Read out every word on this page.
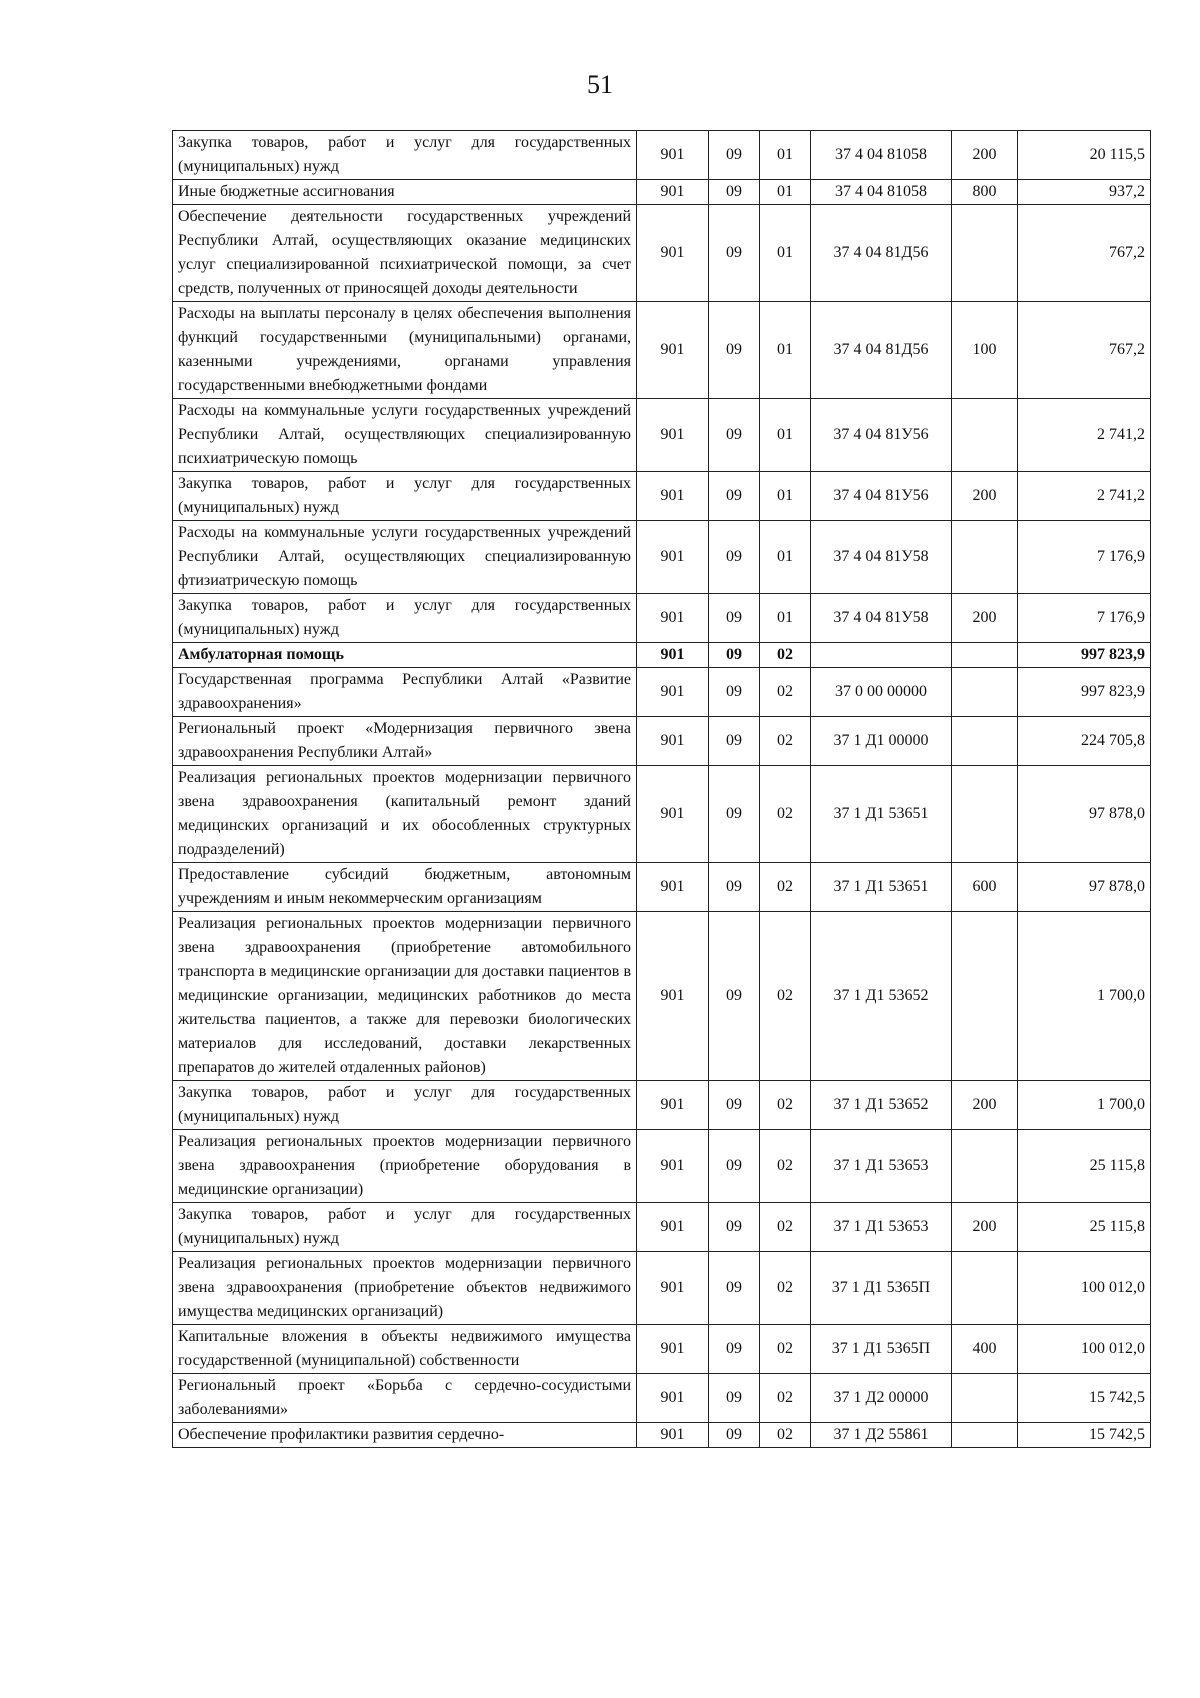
51
Закупка товаров, работ и услуг для государственных (муниципальных) нужд	901	09	01	37 4 04 81058	200	20 115,5
Иные бюджетные ассигнования	901	09	01	37 4 04 81058	800	937,2
Обеспечение деятельности государственных учреждений Республики Алтай, осуществляющих оказание медицинских услуг специализированной психиатрической помощи, за счет средств, полученных от приносящей доходы деятельности	901	09	01	37 4 04 81Д56		767,2
Расходы на выплаты персоналу в целях обеспечения выполнения функций государственными (муниципальными) органами, казенными учреждениями, органами управления государственными внебюджетными фондами	901	09	01	37 4 04 81Д56	100	767,2
Расходы на коммунальные услуги государственных учреждений Республики Алтай, осуществляющих специализированную психиатрическую помощь	901	09	01	37 4 04 81У56		2 741,2
Закупка товаров, работ и услуг для государственных (муниципальных) нужд	901	09	01	37 4 04 81У56	200	2 741,2
Расходы на коммунальные услуги государственных учреждений Республики Алтай, осуществляющих специализированную фтизиатрическую помощь	901	09	01	37 4 04 81У58		7 176,9
Закупка товаров, работ и услуг для государственных (муниципальных) нужд	901	09	01	37 4 04 81У58	200	7 176,9
Амбулаторная помощь	901	09	02			997 823,9
Государственная программа Республики Алтай «Развитие здравоохранения»	901	09	02	37 0 00 00000		997 823,9
Региональный проект «Модернизация первичного звена здравоохранения Республики Алтай»	901	09	02	37 1 Д1 00000		224 705,8
Реализация региональных проектов модернизации первичного звена здравоохранения (капитальный ремонт зданий медицинских организаций и их обособленных структурных подразделений)	901	09	02	37 1 Д1 53651		97 878,0
Предоставление субсидий бюджетным, автономным учреждениям и иным некоммерческим организациям	901	09	02	37 1 Д1 53651	600	97 878,0
Реализация региональных проектов модернизации первичного звена здравоохранения (приобретение автомобильного транспорта в медицинские организации для доставки пациентов в медицинские организации, медицинских работников до места жительства пациентов, а также для перевозки биологических материалов для исследований, доставки лекарственных препаратов до жителей отдаленных районов)	901	09	02	37 1 Д1 53652		1 700,0
Закупка товаров, работ и услуг для государственных (муниципальных) нужд	901	09	02	37 1 Д1 53652	200	1 700,0
Реализация региональных проектов модернизации первичного звена здравоохранения (приобретение оборудования в медицинские организации)	901	09	02	37 1 Д1 53653		25 115,8
Закупка товаров, работ и услуг для государственных (муниципальных) нужд	901	09	02	37 1 Д1 53653	200	25 115,8
Реализация региональных проектов модернизации первичного звена здравоохранения (приобретение объектов недвижимого имущества медицинских организаций)	901	09	02	37 1 Д1 5365П		100 012,0
Капитальные вложения в объекты недвижимого имущества государственной (муниципальной) собственности	901	09	02	37 1 Д1 5365П	400	100 012,0
Региональный проект «Борьба с сердечно-сосудистыми заболеваниями»	901	09	02	37 1 Д2 00000		15 742,5
Обеспечение профилактики развития сердечно-	901	09	02	37 1 Д2 55861		15 742,5
